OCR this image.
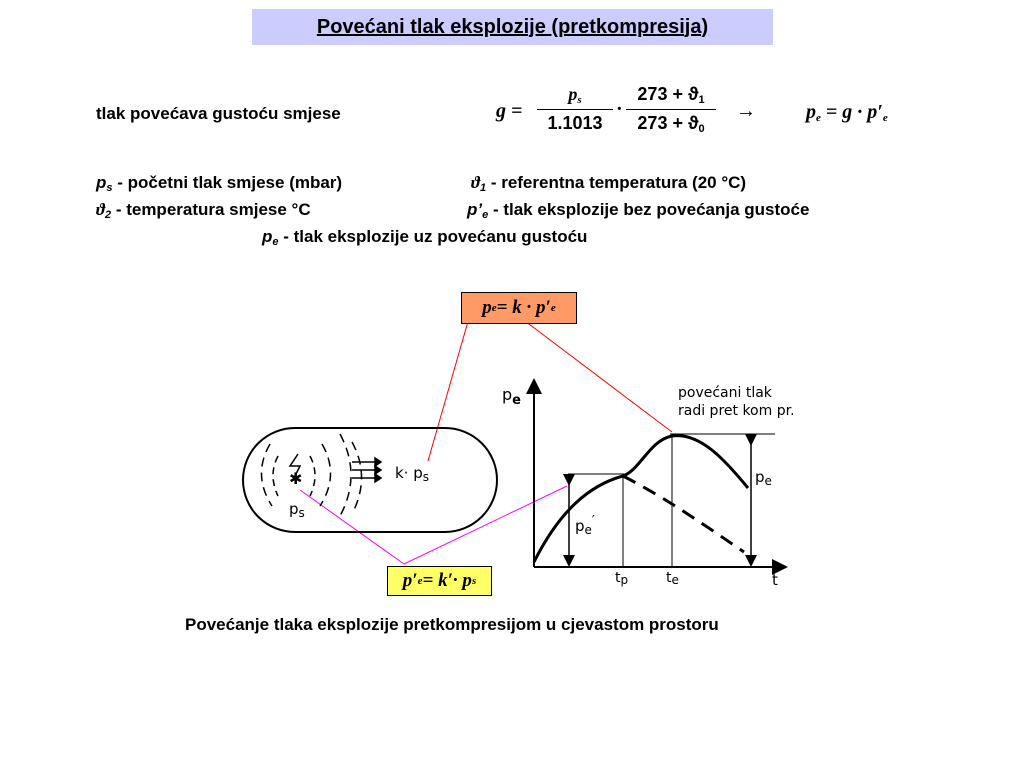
Povećani tlak eksplozije (pretkompresija)
tlak povećava gustoću smjese	g =
$p_s$
1.1013
·
$273 + ϑ_1$
$273 + ϑ_0$
→	$p_e = g \cdot p'_e$
$p_s$ - početni tlak smjese (mbar)	$ϑ_1$ - referentna temperatura (20 °C)
$ϑ_2$ - temperatura smjese °C	$p’_e$ - tlak eksplozije bez povećanja gustoće
$p_e$ - tlak eksplozije uz povećanu gustoću
p e = k · p′ e
✱	$k\cdot p_s$
$p_s$
$p_e$
t
$p_e'$
$p_e$
tp	te
povećani tlak
radi pret kom pr.
p′ e = k′· p s
Povećanje tlaka eksplozije pretkompresijom u cjevastom prostoru
